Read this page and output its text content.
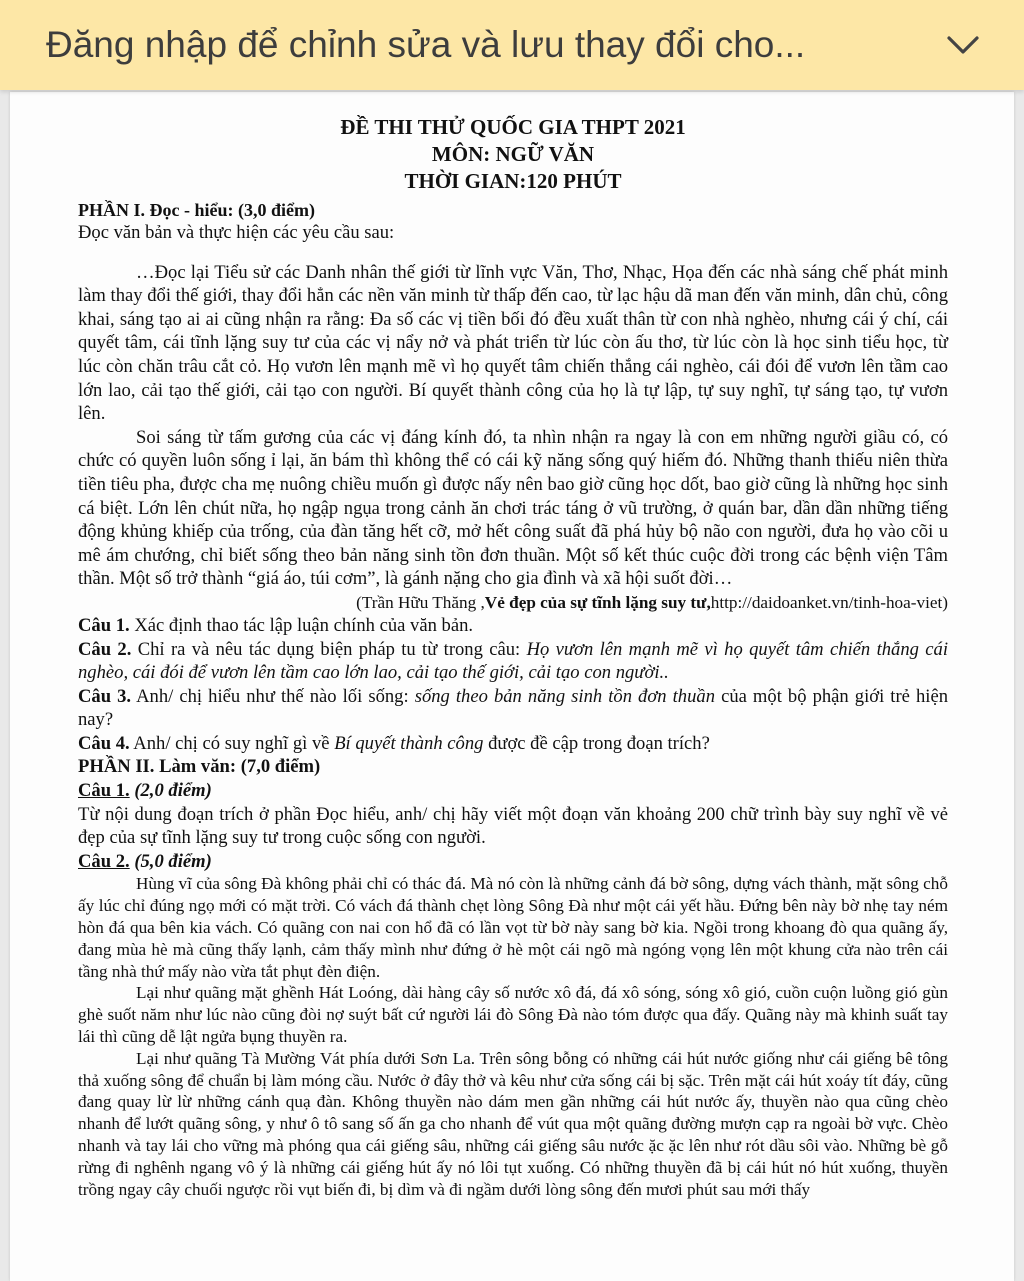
Đăng nhập để chỉnh sửa và lưu thay đổi cho...

ĐỀ THI THỬ QUỐC GIA THPT 2021

MÔN: NGỮ VĂN

THỜI GIAN:120 PHÚT

PHẦN I. Đọc - hiểu: (3,0 điểm)

Đọc văn bản và thực hiện các yêu cầu sau:

…Đọc lại Tiểu sử các Danh nhân thế giới từ lĩnh vực Văn, Thơ, Nhạc, Họa đến các nhà sáng chế phát minh làm thay đổi thế giới, thay đổi hẳn các nền văn minh từ thấp đến cao, từ lạc hậu dã man đến văn minh, dân chủ, công khai, sáng tạo ai ai cũng nhận ra rằng: Đa số các vị tiền bối đó đều xuất thân từ con nhà nghèo, nhưng cái ý chí, cái quyết tâm, cái tĩnh lặng suy tư của các vị nẩy nở và phát triển từ lúc còn ấu thơ, từ lúc còn là học sinh tiểu học, từ lúc còn chăn trâu cắt cỏ. Họ vươn lên mạnh mẽ vì họ quyết tâm chiến thắng cái nghèo, cái đói để vươn lên tầm cao lớn lao, cải tạo thế giới, cải tạo con người. Bí quyết thành công của họ là tự lập, tự suy nghĩ, tự sáng tạo, tự vươn lên.

Soi sáng từ tấm gương của các vị đáng kính đó, ta nhìn nhận ra ngay là con em những người giầu có, có chức có quyền luôn sống ỉ lại, ăn bám thì không thể có cái kỹ năng sống quý hiếm đó. Những thanh thiếu niên thừa tiền tiêu pha, được cha mẹ nuông chiều muốn gì được nấy nên bao giờ cũng học dốt, bao giờ cũng là những học sinh cá biệt. Lớn lên chút nữa, họ ngập ngụa trong cảnh ăn chơi trác táng ở vũ trường, ở quán bar, dần dần những tiếng động khủng khiếp của trống, của đàn tăng hết cỡ, mở hết công suất đã phá hủy bộ não con người, đưa họ vào cõi u mê ám chướng, chỉ biết sống theo bản năng sinh tồn đơn thuần. Một số kết thúc cuộc đời trong các bệnh viện Tâm thần. Một số trở thành “giá áo, túi cơm”, là gánh nặng cho gia đình và xã hội suốt đời…

(Trần Hữu Thăng ,Vẻ đẹp của sự tĩnh lặng suy tư,http://daidoanket.vn/tinh-hoa-viet)
Câu 1. Xác định thao tác lập luận chính của văn bản.
Câu 2. Chỉ ra và nêu tác dụng biện pháp tu từ trong câu: Họ vươn lên mạnh mẽ vì họ quyết tâm chiến thắng cái nghèo, cái đói để vươn lên tầm cao lớn lao, cải tạo thế giới, cải tạo con người..
Câu 3. Anh/ chị hiểu như thế nào lối sống: sống theo bản năng sinh tồn đơn thuần của một bộ phận giới trẻ hiện nay?
Câu 4. Anh/ chị có suy nghĩ gì về Bí quyết thành công được đề cập trong đoạn trích?
PHẦN II. Làm văn: (7,0 điểm)
Câu 1. (2,0 điểm)

Từ nội dung đoạn trích ở phần Đọc hiểu, anh/ chị hãy viết một đoạn văn khoảng 200 chữ trình bày suy nghĩ về vẻ đẹp của sự tĩnh lặng suy tư trong cuộc sống con người.

Câu 2. (5,0 điểm)

Hùng vĩ của sông Đà không phải chỉ có thác đá. Mà nó còn là những cảnh đá bờ sông, dựng vách thành, mặt sông chỗ ấy lúc chỉ đúng ngọ mới có mặt trời. Có vách đá thành chẹt lòng Sông Đà như một cái yết hầu. Đứng bên này bờ nhẹ tay ném hòn đá qua bên kia vách. Có quãng con nai con hổ đã có lần vọt từ bờ này sang bờ kia. Ngồi trong khoang đò qua quãng ấy, đang mùa hè mà cũng thấy lạnh, cảm thấy mình như đứng ở hè một cái ngõ mà ngóng vọng lên một khung cửa nào trên cái tầng nhà thứ mấy nào vừa tắt phụt đèn điện.

Lại như quãng mặt ghềnh Hát Loóng, dài hàng cây số nước xô đá, đá xô sóng, sóng xô gió, cuồn cuộn luồng gió gùn ghè suốt năm như lúc nào cũng đòi nợ suýt bất cứ người lái đò Sông Đà nào tóm được qua đấy. Quãng này mà khinh suất tay lái thì cũng dễ lật ngửa bụng thuyền ra.

Lại như quãng Tà Mường Vát phía dưới Sơn La. Trên sông bỗng có những cái hút nước giống như cái giếng bê tông thả xuống sông để chuẩn bị làm móng cầu. Nước ở đây thở và kêu như cửa sống cái bị sặc. Trên mặt cái hút xoáy tít đáy, cũng đang quay lừ lừ những cánh quạ đàn. Không thuyền nào dám men gần những cái hút nước ấy, thuyền nào qua cũng chèo nhanh để lướt quãng sông, y như ô tô sang số ấn ga cho nhanh để vút qua một quãng đường mượn cạp ra ngoài bờ vực. Chèo nhanh và tay lái cho vững mà phóng qua cái giếng sâu, những cái giếng sâu nước ặc ặc lên như rót dầu sôi vào. Những bè gỗ rừng đi nghênh ngang vô ý là những cái giếng hút ấy nó lôi tụt xuống. Có những thuyền đã bị cái hút nó hút xuống, thuyền trồng ngay cây chuối ngược rồi vụt biến đi, bị dìm và đi ngầm dưới lòng sông đến mươi phút sau mới thấy
